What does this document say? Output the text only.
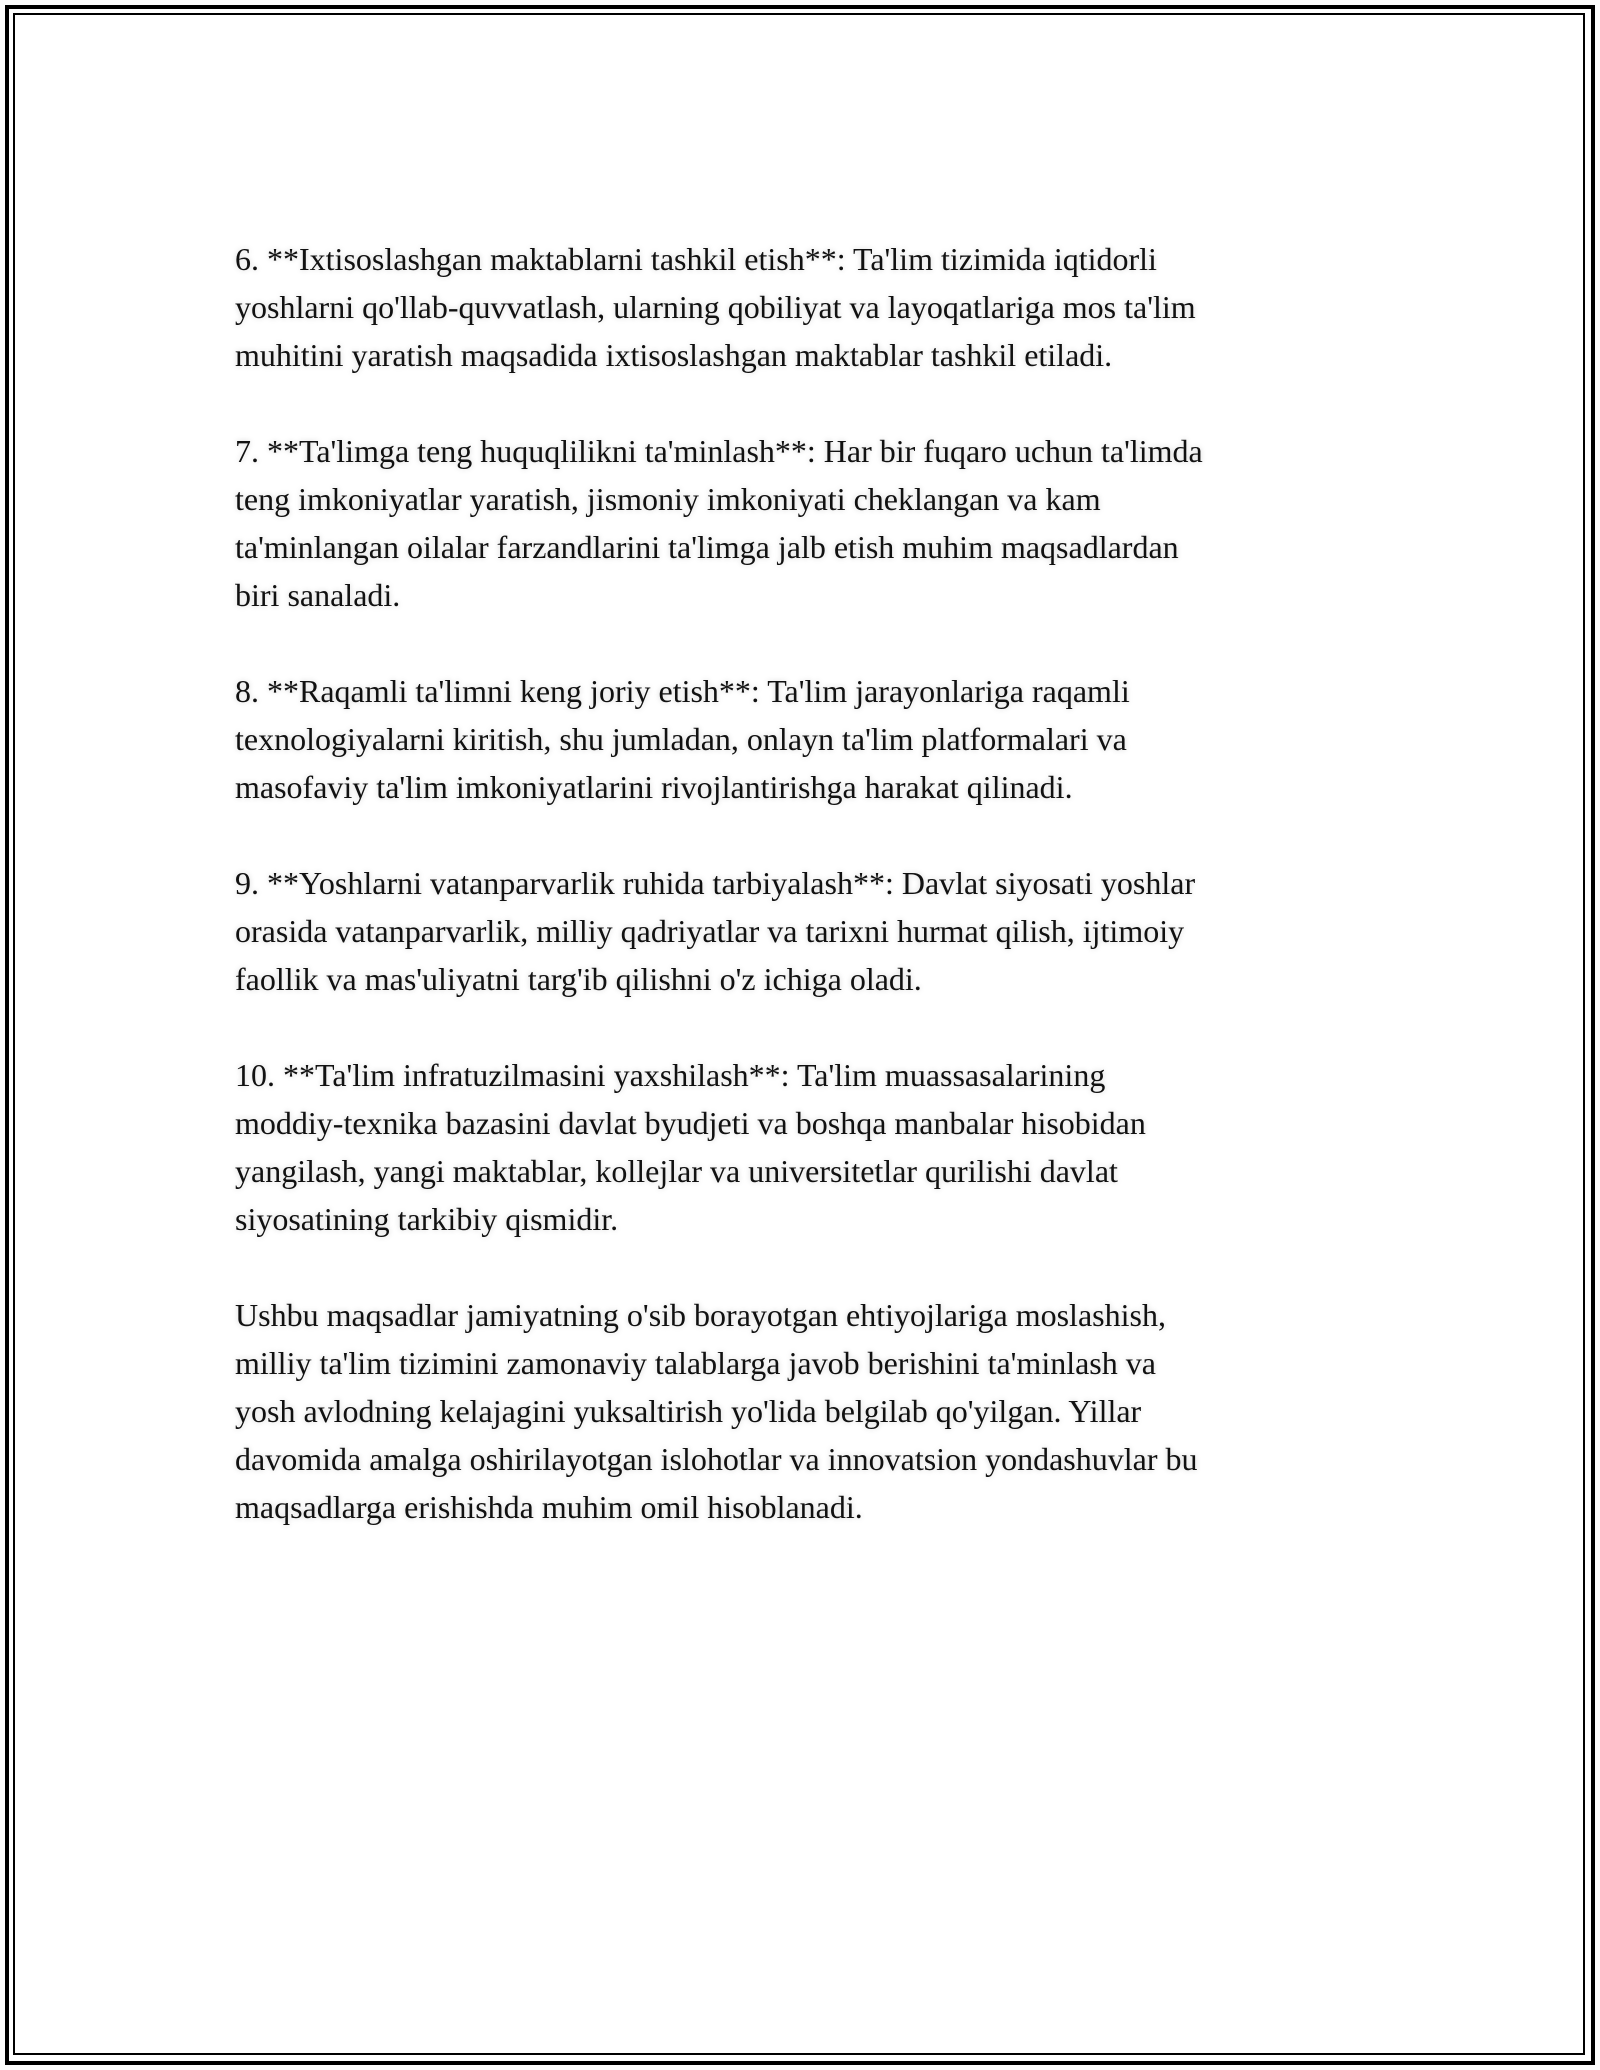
6. **Ixtisoslashgan maktablarni tashkil etish**: Ta'lim tizimida iqtidorli
yoshlarni qo'llab-quvvatlash, ularning qobiliyat va layoqatlariga mos ta'lim
muhitini yaratish maqsadida ixtisoslashgan maktablar tashkil etiladi.

7. **Ta'limga teng huquqlilikni ta'minlash**: Har bir fuqaro uchun ta'limda
teng imkoniyatlar yaratish, jismoniy imkoniyati cheklangan va kam
ta'minlangan oilalar farzandlarini ta'limga jalb etish muhim maqsadlardan
biri sanaladi.

8. **Raqamli ta'limni keng joriy etish**: Ta'lim jarayonlariga raqamli
texnologiyalarni kiritish, shu jumladan, onlayn ta'lim platformalari va
masofaviy ta'lim imkoniyatlarini rivojlantirishga harakat qilinadi.

9. **Yoshlarni vatanparvarlik ruhida tarbiyalash**: Davlat siyosati yoshlar
orasida vatanparvarlik, milliy qadriyatlar va tarixni hurmat qilish, ijtimoiy
faollik va mas'uliyatni targ'ib qilishni o'z ichiga oladi.

10. **Ta'lim infratuzilmasini yaxshilash**: Ta'lim muassasalarining
moddiy-texnika bazasini davlat byudjeti va boshqa manbalar hisobidan
yangilash, yangi maktablar, kollejlar va universitetlar qurilishi davlat
siyosatining tarkibiy qismidir.

Ushbu maqsadlar jamiyatning o'sib borayotgan ehtiyojlariga moslashish,
milliy ta'lim tizimini zamonaviy talablarga javob berishini ta'minlash va
yosh avlodning kelajagini yuksaltirish yo'lida belgilab qo'yilgan. Yillar
davomida amalga oshirilayotgan islohotlar va innovatsion yondashuvlar bu
maqsadlarga erishishda muhim omil hisoblanadi.
